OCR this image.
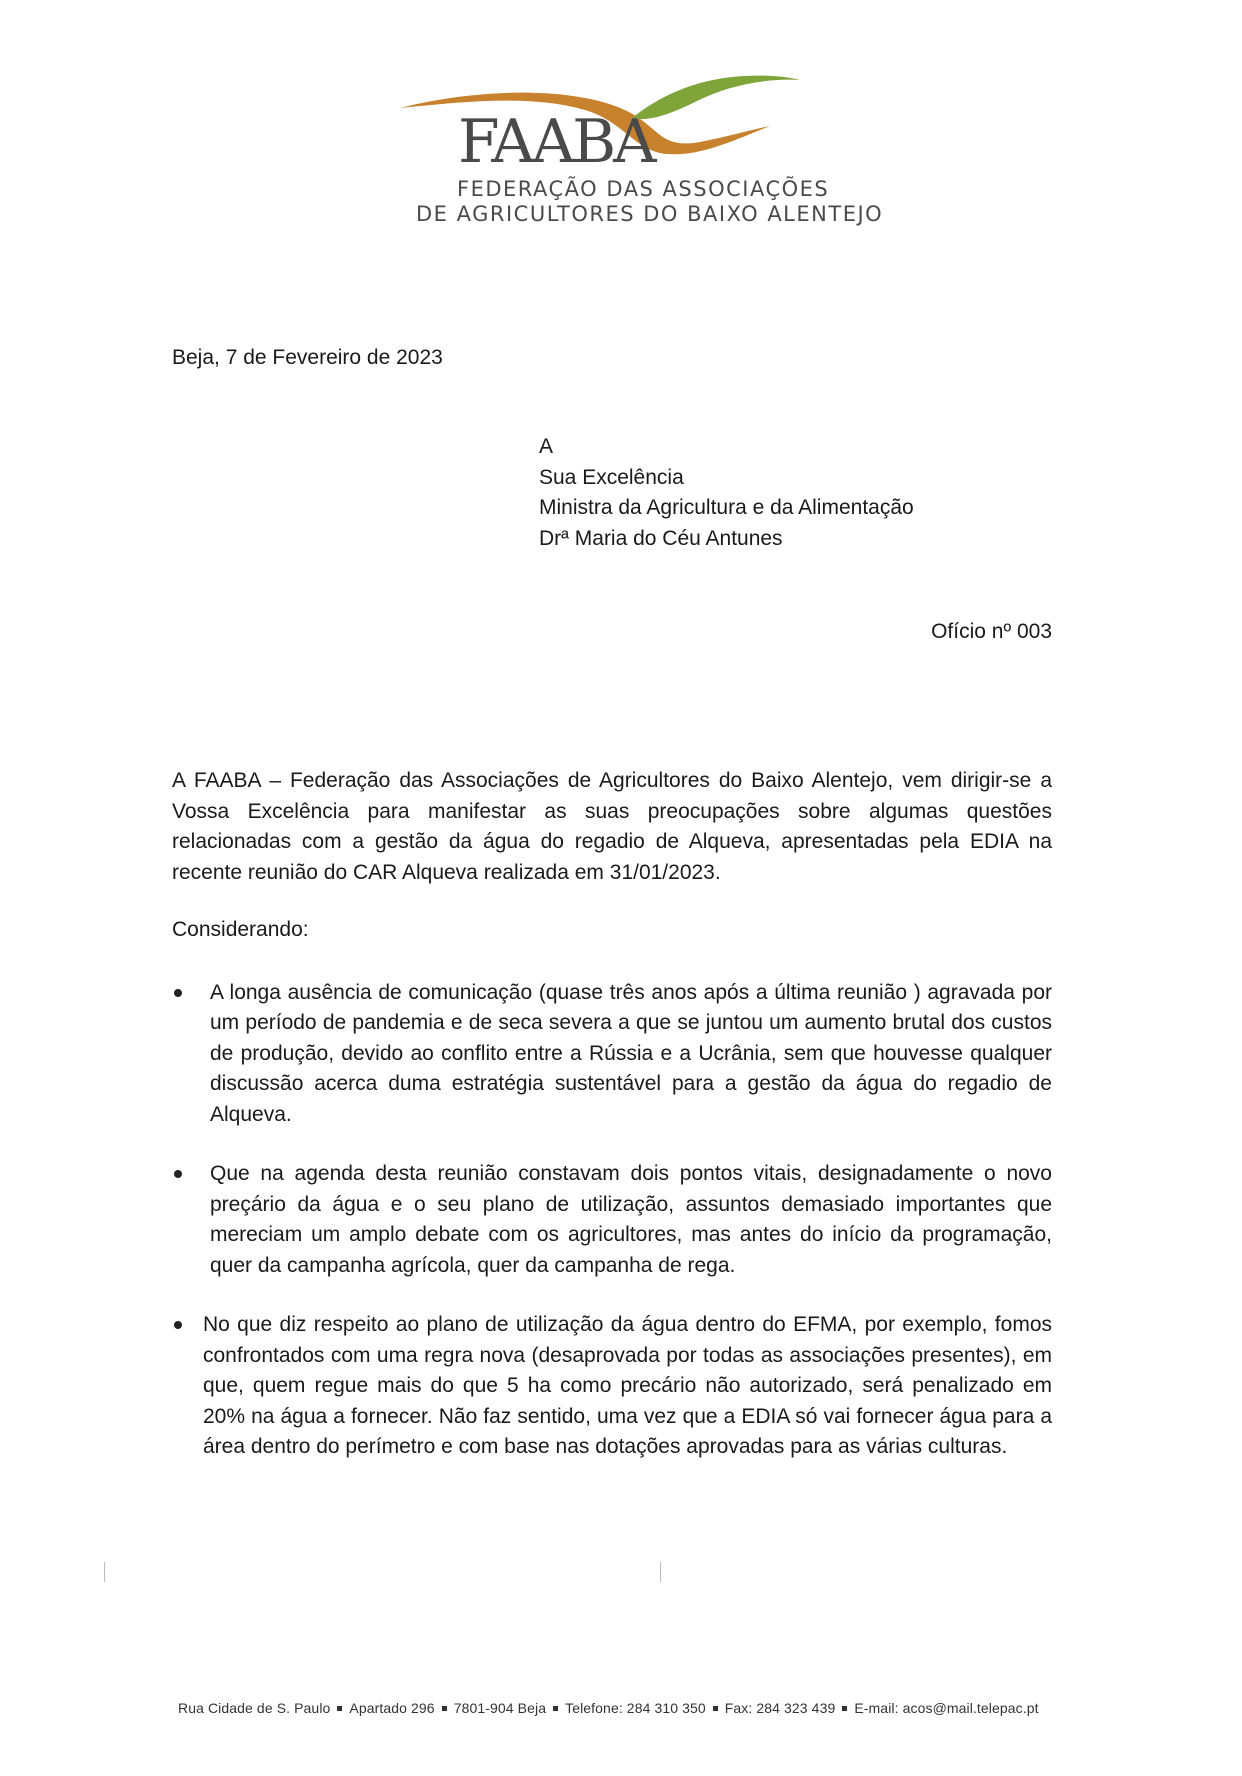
FAABA

FEDERAÇÃO DAS ASSOCIAÇÕES

DE AGRICULTORES DO BAIXO ALENTEJO

Beja, 7 de Fevereiro de 2023

A

Sua Excelência

Ministra da Agricultura e da Alimentação

Drª Maria do Céu Antunes

Ofício nº 003

A FAABA – Federação das Associações de Agricultores do Baixo Alentejo, vem dirigir-se a Vossa Excelência para manifestar as suas preocupações sobre algumas questões relacionadas com a gestão da água do regadio de Alqueva, apresentadas pela EDIA na recente reunião do CAR Alqueva realizada em 31/01/2023.

Considerando:

A longa ausência de comunicação (quase três anos após a última reunião ) agravada por um período de pandemia e de seca severa a que se juntou um aumento brutal dos custos de produção, devido ao conflito entre a Rússia e a Ucrânia, sem que houvesse qualquer discussão acerca duma estratégia sustentável para a gestão da água do regadio de Alqueva.
Que na agenda desta reunião constavam dois pontos vitais, designadamente o novo preçário da água e o seu plano de utilização, assuntos demasiado importantes que mereciam um amplo debate com os agricultores, mas antes do início da programação, quer da campanha agrícola, quer da campanha de rega.
No que diz respeito ao plano de utilização da água dentro do EFMA, por exemplo, fomos confrontados com uma regra nova (desaprovada por todas as associações presentes), em que, quem regue mais do que 5 ha como precário não autorizado, será penalizado em 20% na água a fornecer. Não faz sentido, uma vez que a EDIA só vai fornecer água para a área dentro do perímetro e com base nas dotações aprovadas para as várias culturas.

Rua Cidade de S. Paulo Apartado 296 7801-904 Beja Telefone: 284 310 350 Fax: 284 323 439 E-mail: acos@mail.telepac.pt
